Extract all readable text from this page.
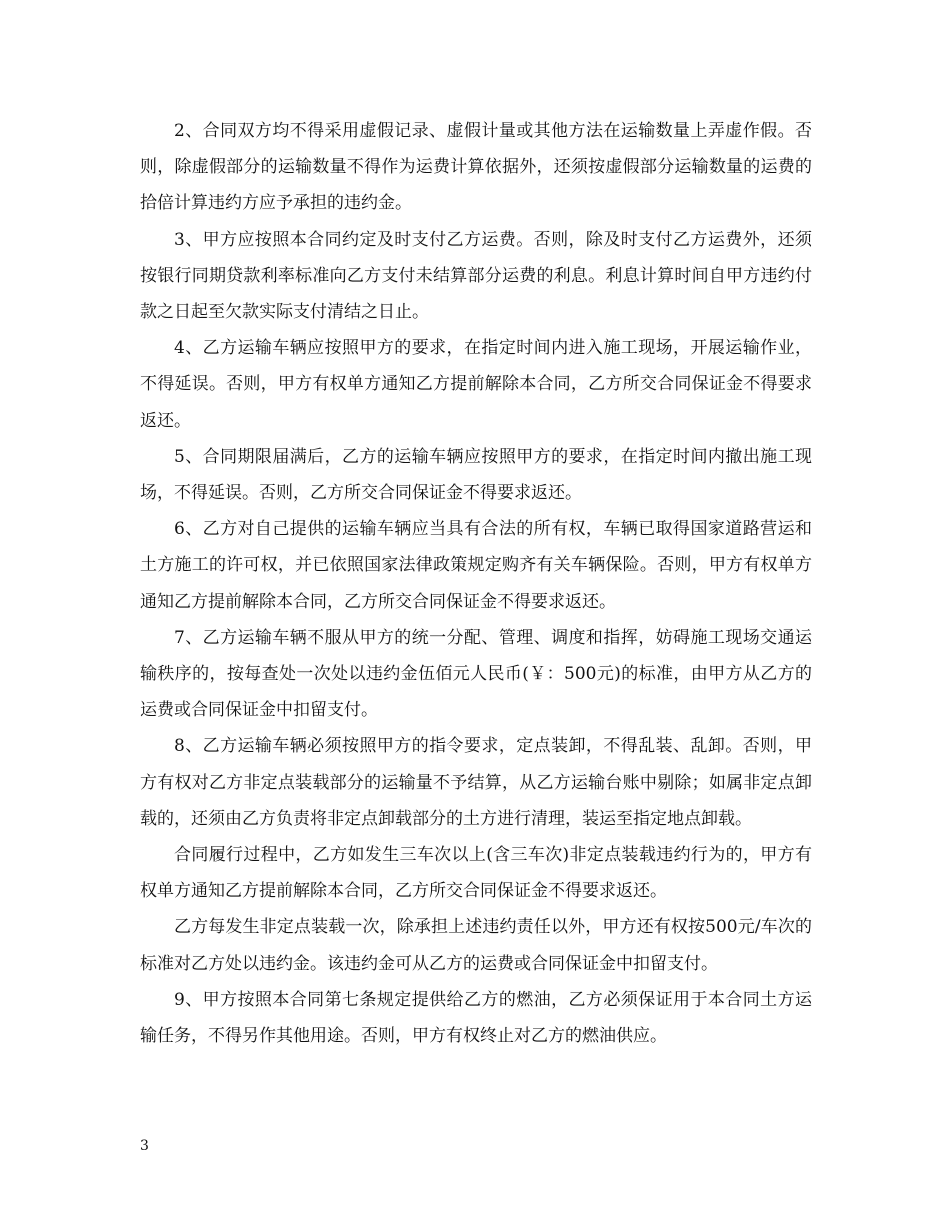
2、合同双方均不得采用虚假记录、虚假计量或其他方法在运输数量上弄虚作假。否则，除虚假部分的运输数量不得作为运费计算依据外，还须按虚假部分运输数量的运费的拾倍计算违约方应予承担的违约金。

3、甲方应按照本合同约定及时支付乙方运费。否则，除及时支付乙方运费外，还须按银行同期贷款利率标准向乙方支付未结算部分运费的利息。利息计算时间自甲方违约付款之日起至欠款实际支付清结之日止。

4、乙方运输车辆应按照甲方的要求，在指定时间内进入施工现场，开展运输作业，不得延误。否则，甲方有权单方通知乙方提前解除本合同，乙方所交合同保证金不得要求返还。

5、合同期限届满后，乙方的运输车辆应按照甲方的要求，在指定时间内撤出施工现场，不得延误。否则，乙方所交合同保证金不得要求返还。

6、乙方对自己提供的运输车辆应当具有合法的所有权，车辆已取得国家道路营运和土方施工的许可权，并已依照国家法律政策规定购齐有关车辆保险。否则，甲方有权单方通知乙方提前解除本合同，乙方所交合同保证金不得要求返还。

7、乙方运输车辆不服从甲方的统一分配、管理、调度和指挥，妨碍施工现场交通运输秩序的，按每查处一次处以违约金伍佰元人民币(￥：500元)的标准，由甲方从乙方的运费或合同保证金中扣留支付。

8、乙方运输车辆必须按照甲方的指令要求，定点装卸，不得乱装、乱卸。否则，甲方有权对乙方非定点装载部分的运输量不予结算，从乙方运输台账中剔除；如属非定点卸载的，还须由乙方负责将非定点卸载部分的土方进行清理，装运至指定地点卸载。

合同履行过程中，乙方如发生三车次以上(含三车次)非定点装载违约行为的，甲方有权单方通知乙方提前解除本合同，乙方所交合同保证金不得要求返还。

乙方每发生非定点装载一次，除承担上述违约责任以外，甲方还有权按500元/车次的标准对乙方处以违约金。该违约金可从乙方的运费或合同保证金中扣留支付。

9、甲方按照本合同第七条规定提供给乙方的燃油，乙方必须保证用于本合同土方运输任务，不得另作其他用途。否则，甲方有权终止对乙方的燃油供应。

3
